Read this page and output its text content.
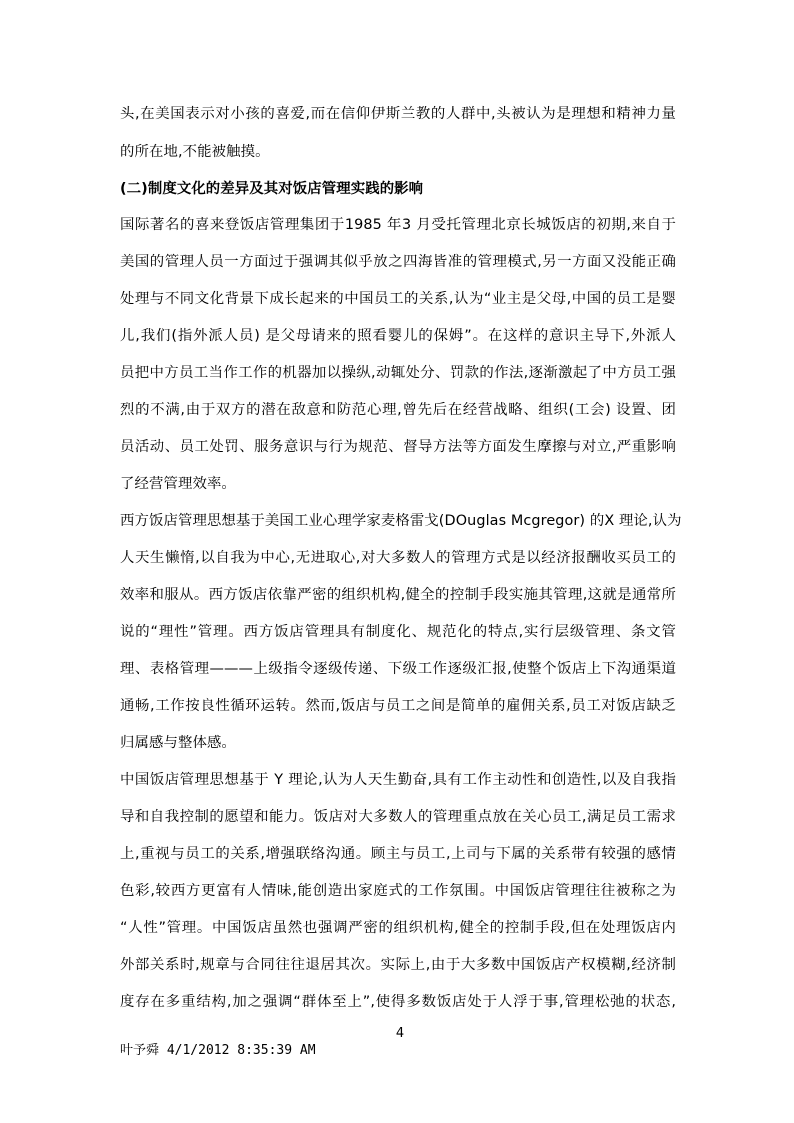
头,在美国表示对小孩的喜爱,而在信仰伊斯兰教的人群中,头被认为是理想和精神力量
的所在地,不能被触摸。
(二)制度文化的差异及其对饭店管理实践的影响
国际著名的喜来登饭店管理集团于1985 年3 月受托管理北京长城饭店的初期,来自于
美国的管理人员一方面过于强调其似乎放之四海皆准的管理模式,另一方面又没能正确
处理与不同文化背景下成长起来的中国员工的关系,认为“业主是父母,中国的员工是婴
儿,我们(指外派人员) 是父母请来的照看婴儿的保姆”。在这样的意识主导下,外派人
员把中方员工当作工作的机器加以操纵,动辄处分、罚款的作法,逐渐激起了中方员工强
烈的不满,由于双方的潜在敌意和防范心理,曾先后在经营战略、组织(工会) 设置、团
员活动、员工处罚、服务意识与行为规范、督导方法等方面发生摩擦与对立,严重影响
了经营管理效率。
西方饭店管理思想基于美国工业心理学家麦格雷戈(DOuglas Mcgregor) 的X 理论,认为
人天生懒惰,以自我为中心,无进取心,对大多数人的管理方式是以经济报酬收买员工的
效率和服从。西方饭店依靠严密的组织机构,健全的控制手段实施其管理,这就是通常所
说的“理性”管理。西方饭店管理具有制度化、规范化的特点,实行层级管理、条文管
理、表格管理———上级指令逐级传递、下级工作逐级汇报,使整个饭店上下沟通渠道
通畅,工作按良性循环运转。然而,饭店与员工之间是简单的雇佣关系,员工对饭店缺乏
归属感与整体感。
中国饭店管理思想基于 Y 理论,认为人天生勤奋,具有工作主动性和创造性,以及自我指
导和自我控制的愿望和能力。饭店对大多数人的管理重点放在关心员工,满足员工需求
上,重视与员工的关系,增强联络沟通。顾主与员工,上司与下属的关系带有较强的感情
色彩,较西方更富有人情味,能创造出家庭式的工作氛围。中国饭店管理往往被称之为
“人性”管理。中国饭店虽然也强调严密的组织机构,健全的控制手段,但在处理饭店内
外部关系时,规章与合同往往退居其次。实际上,由于大多数中国饭店产权模糊,经济制
度存在多重结构,加之强调“群体至上”,使得多数饭店处于人浮于事,管理松弛的状态,
4
叶予舜 4/1/2012 8:35:39 AM
